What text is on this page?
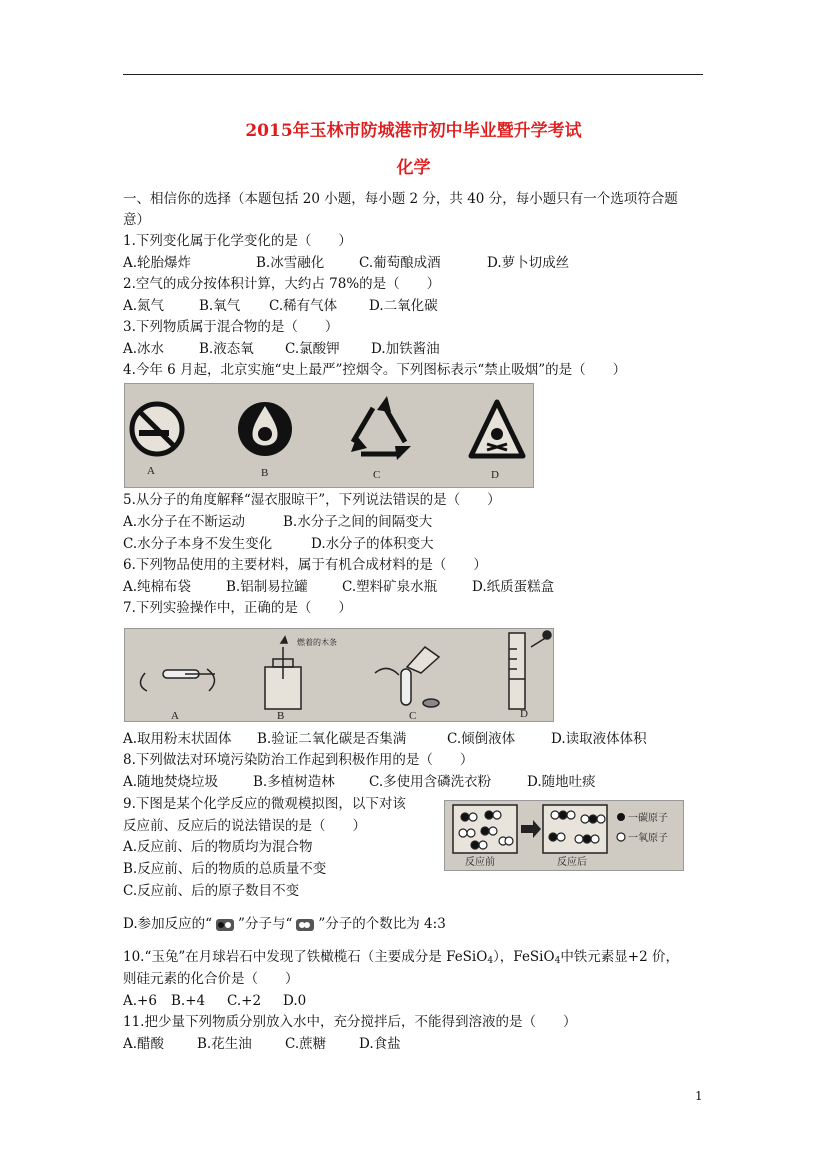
2015年玉林市防城港市初中毕业暨升学考试
化学
一、相信你的选择（本题包括 20 小题，每小题 2 分，共 40 分，每小题只有一个选项符合题
意）
1.下列变化属于化学变化的是（　　）
A.轮胎爆炸	B.冰雪融化	C.葡萄酿成酒	D.萝卜切成丝
2.空气的成分按体积计算，大约占 78%的是（　　）
A.氮气	B.氧气 C.稀有气体 D.二氧化碳
3.下列物质属于混合物的是（　　）
A.冰水	B.液态氧 C.氯酸钾 D.加铁酱油
4.今年 6 月起，北京实施“史上最严”控烟令。下列图标表示“禁止吸烟”的是（　　）
A	B	C	D
5.从分子的角度解释“湿衣服晾干”，下列说法错误的是（　　）
A.水分子在不断运动	B.水分子之间的间隔变大
C.水分子本身不发生变化	D.水分子的体积变大
6.下列物品使用的主要材料，属于有机合成材料的是（　　）
A.纯棉布袋	B.铝制易拉罐	C.塑料矿泉水瓶	D.纸质蛋糕盒
7.下列实验操作中，正确的是（　　）
燃着的木条
A	B	C	D
A.取用粉末状固体 B.验证二氧化碳是否集满	C.倾倒液体	D.读取液体体积
8.下列做法对环境污染防治工作起到积极作用的是（　　）
A.随地焚烧垃圾	B.多植树造林	C.多使用含磷洗衣粉	D.随地吐痰
9.下图是某个化学反应的微观模拟图，以下对该
反应前、反应后的说法错误的是（　　）
A.反应前、后的物质均为混合物
B.反应前、后的物质的总质量不变
C.反应前、后的原子数目不变
一碳原子
一氧原子
反应前	反应后
D.参加反应的“ ”分子与“ ”分子的个数比为 4:3
10.“玉兔”在月球岩石中发现了铁橄榄石（主要成分是 FeSiO$_4$），FeSiO$_4$中铁元素显+2 价，
则硅元素的化合价是（　　）
A.+6 B.+4 C.+2 D.0
11.把少量下列物质分别放入水中，充分搅拌后，不能得到溶液的是（　　）
A.醋酸 B.花生油 C.蔗糖 D.食盐
1
